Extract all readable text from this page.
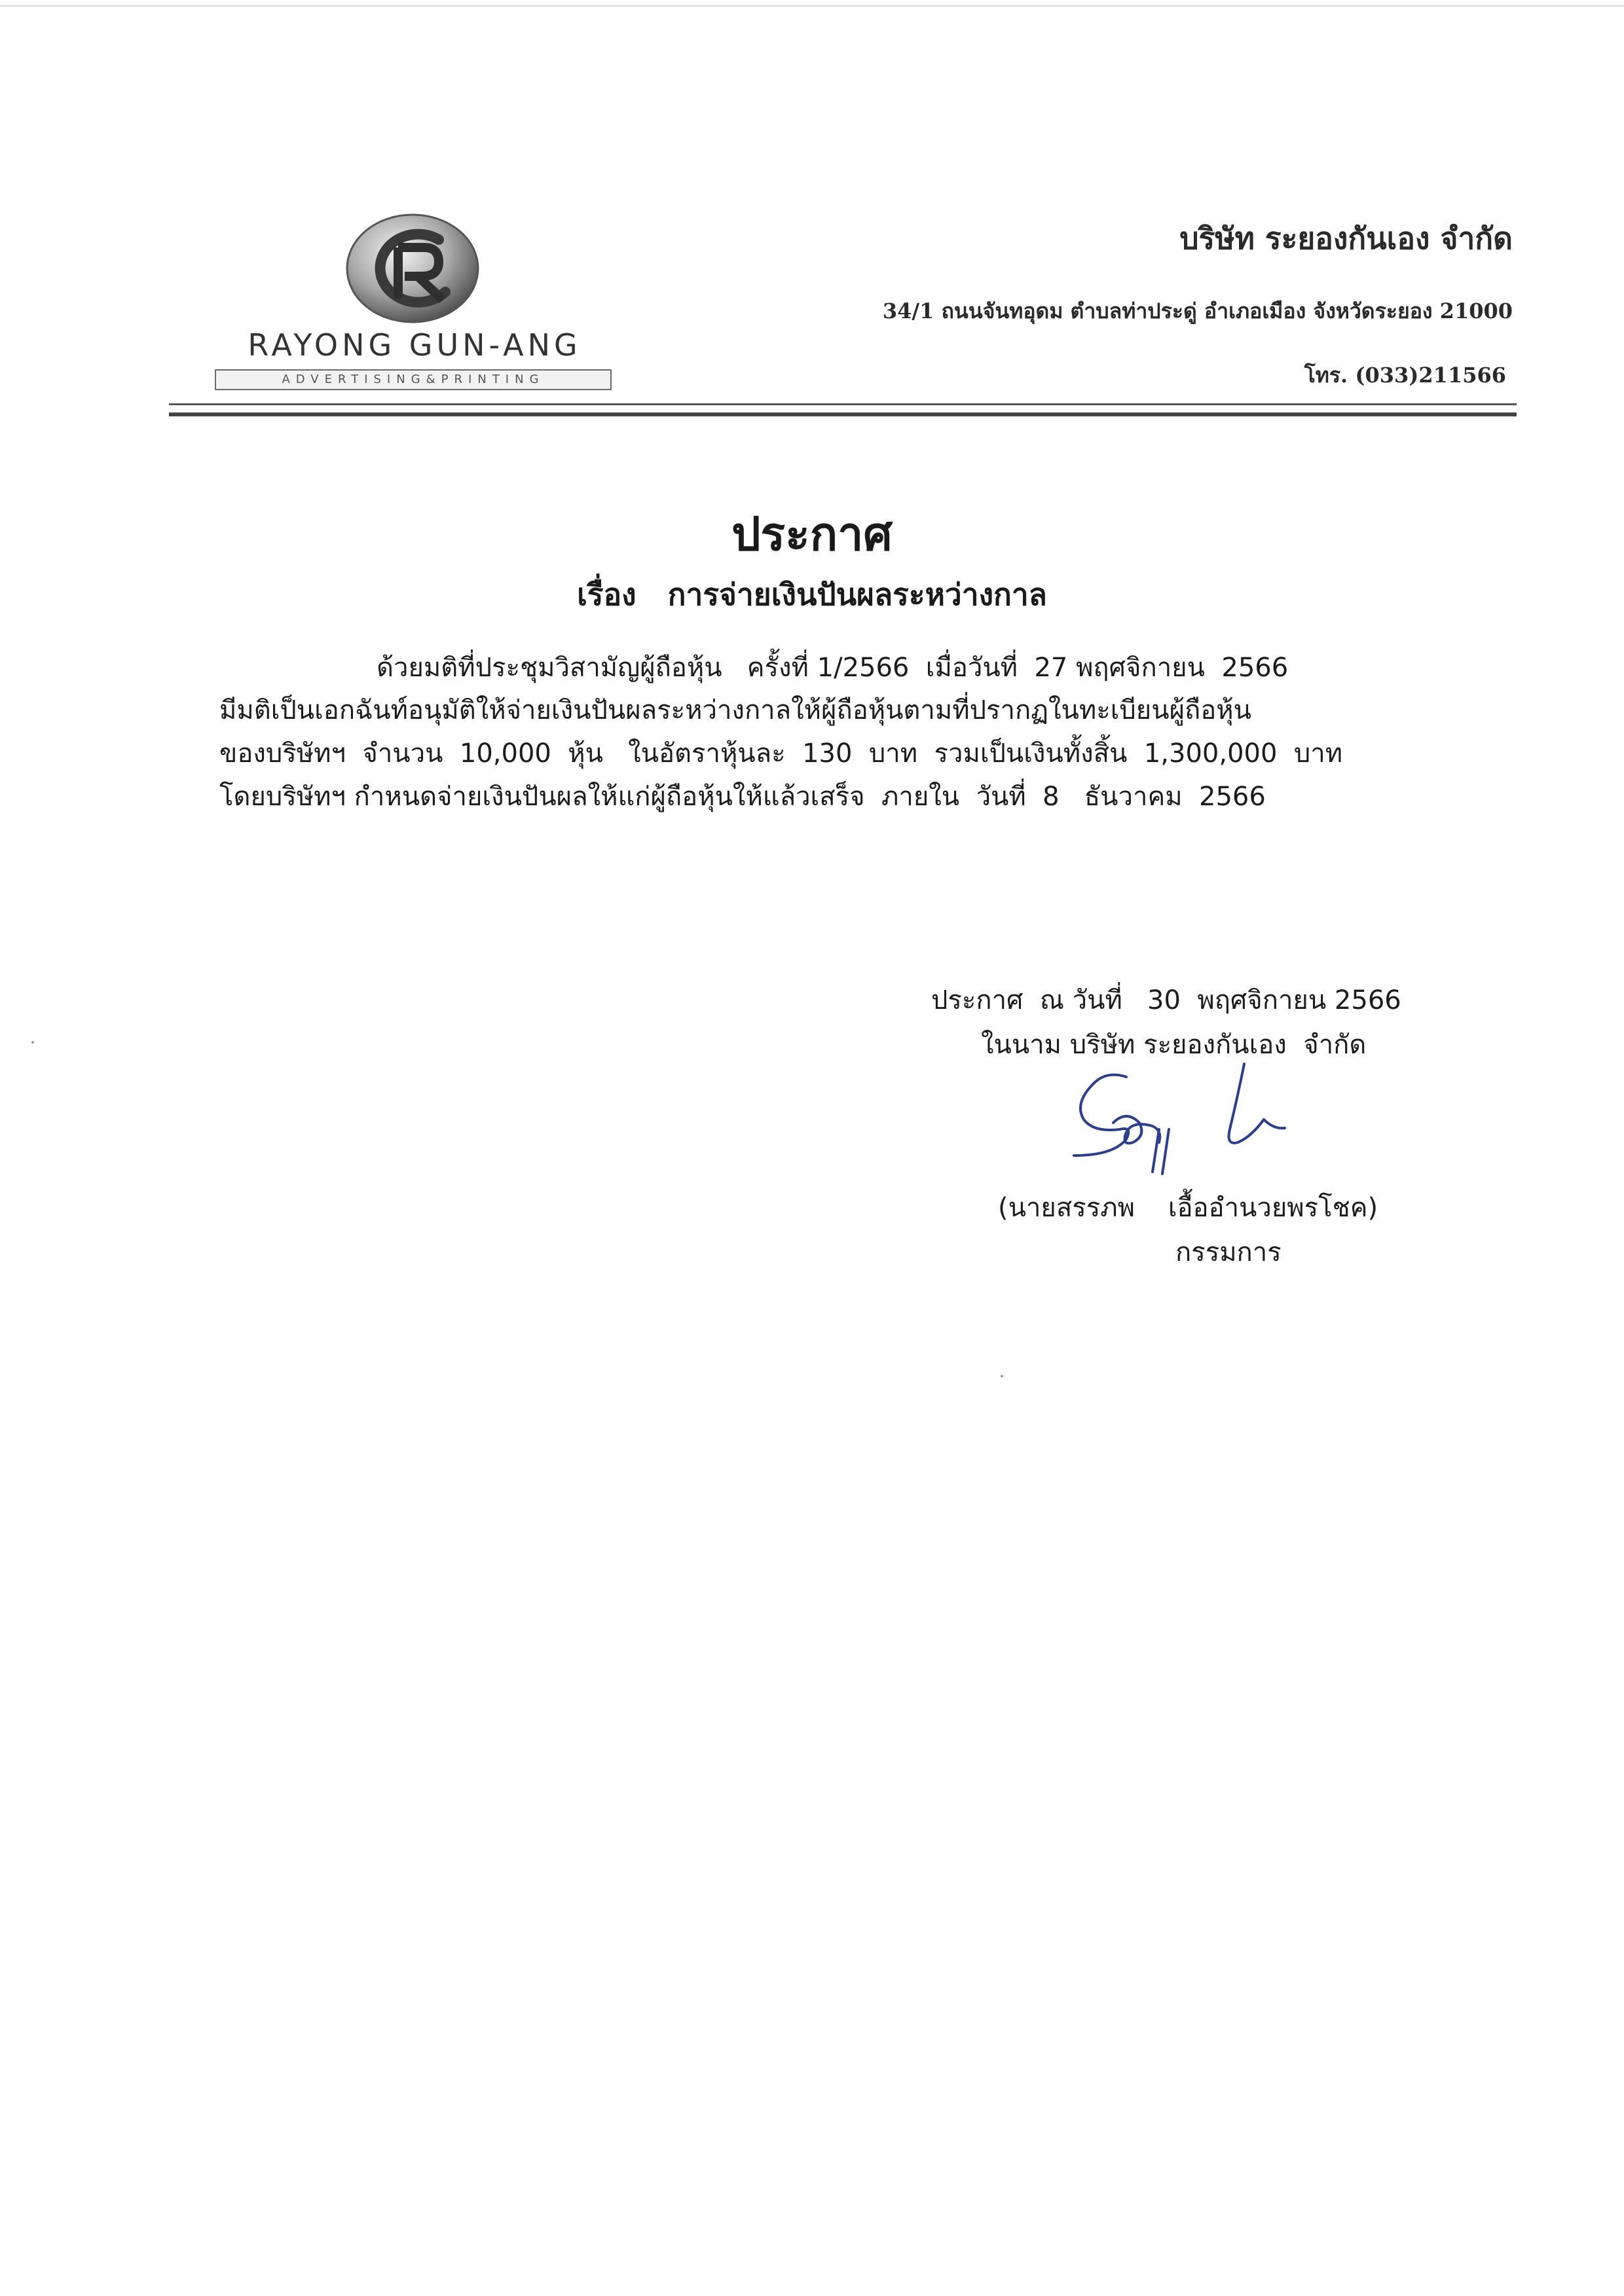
RAYONG GUN-ANG
ADVERTISING&PRINTING
บริษัท ระยองกันเอง จำกัด
34/1 ถนนจันทอุดม ตำบลท่าประดู่ อำเภอเมือง จังหวัดระยอง 21000
โทร. (033)211566
ประกาศ
เรื่อง   การจ่ายเงินปันผลระหว่างกาล
ด้วยมติที่ประชุมวิสามัญผู้ถือหุ้น   ครั้งที่ 1/2566  เมื่อวันที่  27 พฤศจิกายน  2566
มีมติเป็นเอกฉันท์อนุมัติให้จ่ายเงินปันผลระหว่างกาลให้ผู้ถือหุ้นตามที่ปรากฏในทะเบียนผู้ถือหุ้น
ของบริษัทฯ  จำนวน  10,000  หุ้น   ในอัตราหุ้นละ  130  บาท  รวมเป็นเงินทั้งสิ้น  1,300,000  บาท
โดยบริษัทฯ กำหนดจ่ายเงินปันผลให้แก่ผู้ถือหุ้นให้แล้วเสร็จ  ภายใน  วันที่  8   ธันวาคม  2566
ประกาศ  ณ วันที่   30  พฤศจิกายน 2566
ในนาม บริษัท ระยองกันเอง  จำกัด
(นายสรรภพ    เอื้ออำนวยพรโชค)
กรรมการ
